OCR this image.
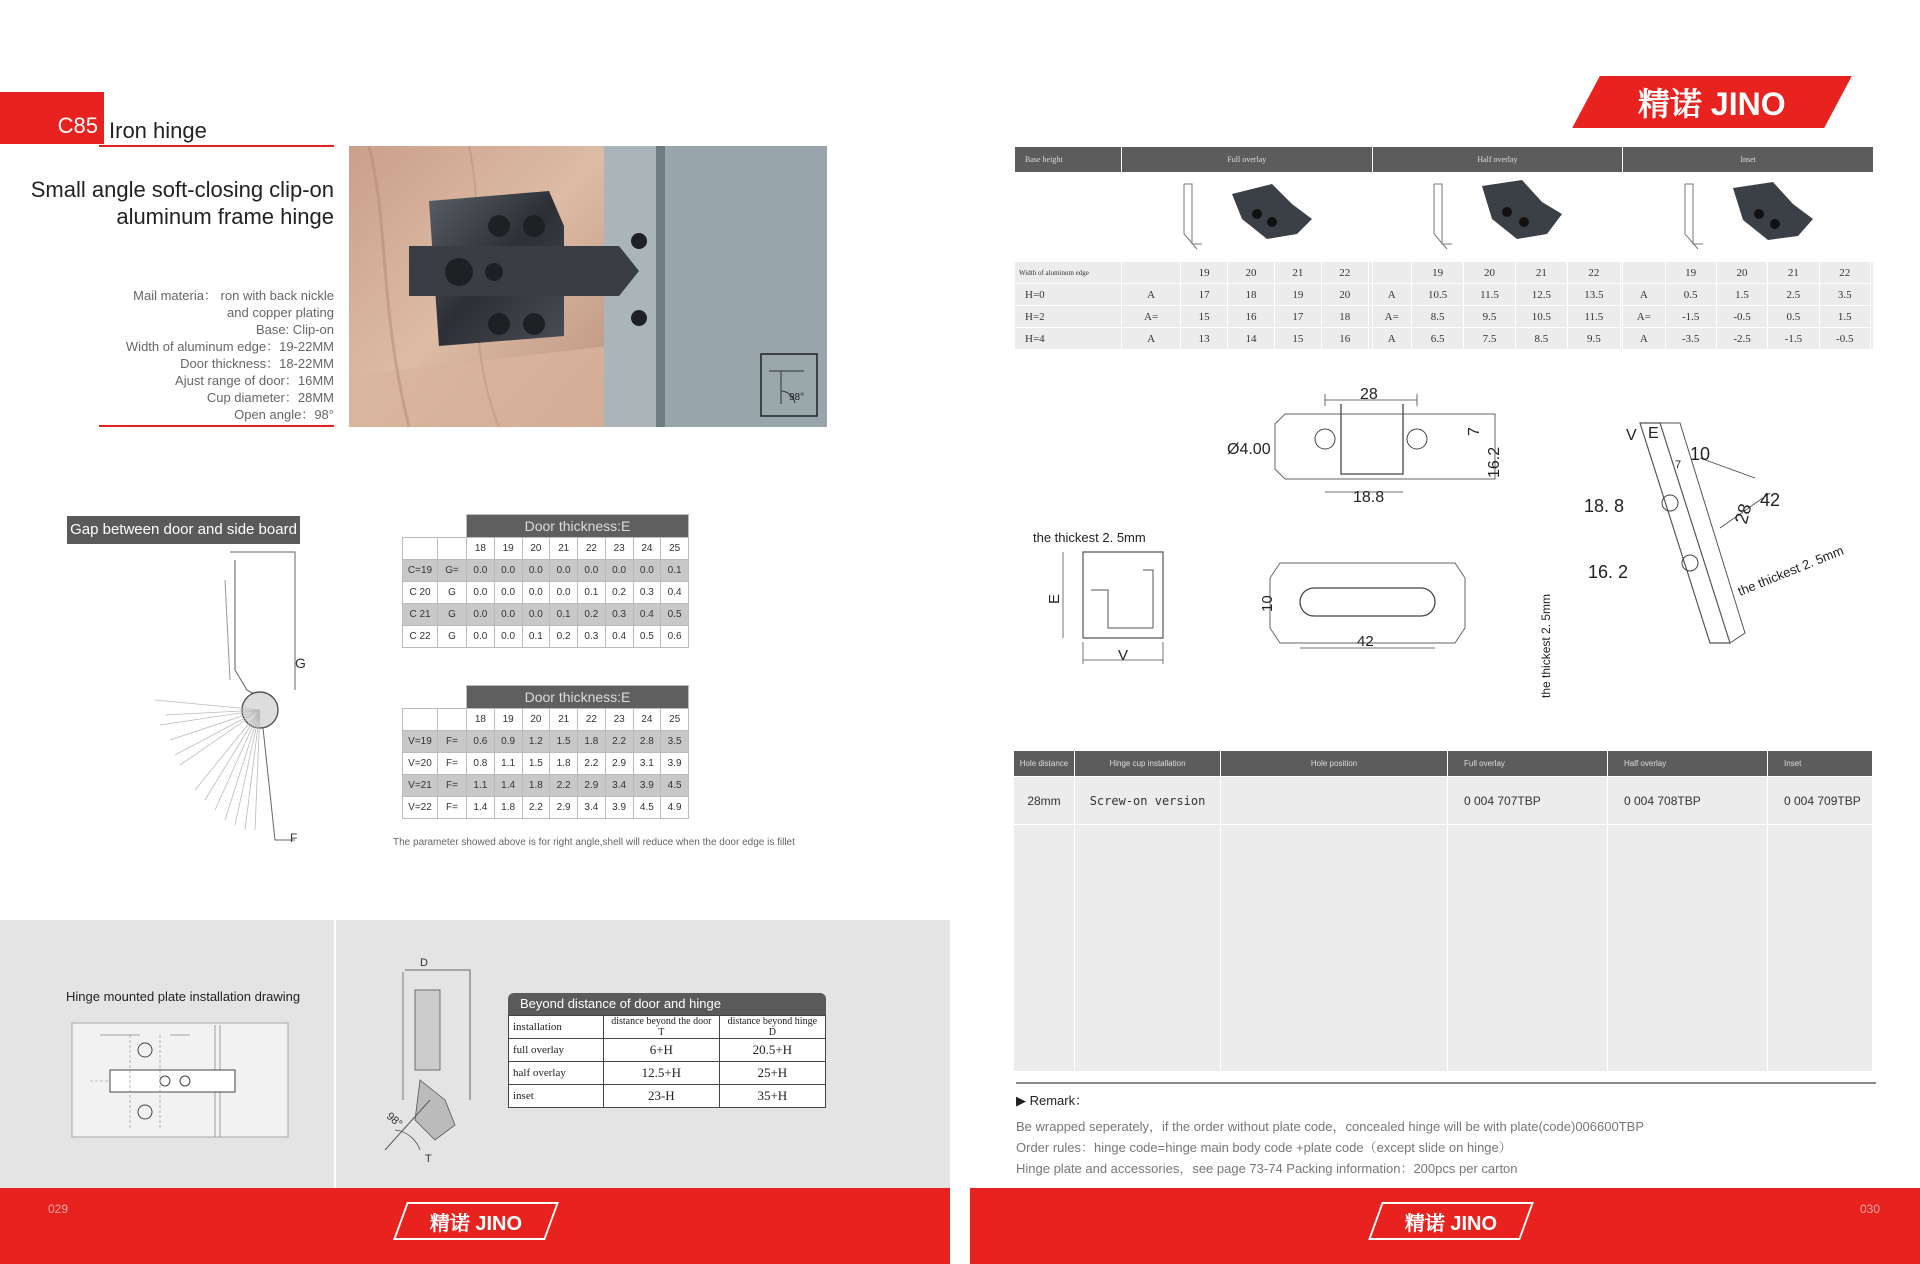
C85 Iron hinge
Small angle soft-closing clip-on
aluminum frame hinge
Mail materia： ron with back nickle
and copper plating
Base: Clip-on
Width of aluminum edge：19-22MM
Door thickness：18-22MM
Ajust range of door：16MM
Cup diameter：28MM
Open angle：98°
98°
Gap between door and side board
G
F
		Door thickness:E							
		18	19	20	21	22	23	24	25
C=19	G=	0.0	0.0	0.0	0.0	0.0	0.0	0.0	0.1
C 20	G	0.0	0.0	0.0	0.0	0.1	0.2	0.3	0.4
C 21	G	0.0	0.0	0.0	0.1	0.2	0.3	0.4	0.5
C 22	G	0.0	0.0	0.1	0.2	0.3	0.4	0.5	0.6
		Door thickness:E							
		18	19	20	21	22	23	24	25
V=19	F=	0.6	0.9	1.2	1.5	1.8	2.2	2.8	3.5
V=20	F=	0.8	1.1	1.5	1.8	2.2	2.9	3.1	3.9
V=21	F=	1.1	1.4	1.8	2.2	2.9	3.4	3.9	4.5
V=22	F=	1.4	1.8	2.2	2.9	3.4	3.9	4.5	4.9
The parameter showed above is for right angle,shell will reduce when the door edge is fillet
Hinge mounted plate installation drawing
D
98°
T
Beyond distance of door and hinge
installation	distance beyond the door T	distance beyond hinge D
full overlay	6+H	20.5+H
half overlay	12.5+H	25+H
inset	23-H	35+H
029
精诺 JINO
精诺 JINO
Base height	Full overlay						Half overlay						Inset					

Width of aluminum edge		19	20	21	22			19	20	21	22			19	20	21	22	
H=0	A	17	18	19	20		A	10.5	11.5	12.5	13.5		A	0.5	1.5	2.5	3.5	
H=2	A=	15	16	17	18		A=	8.5	9.5	10.5	11.5		A=	-1.5	-0.5	0.5	1.5	
H=4	A	13	14	15	16		A	6.5	7.5	8.5	9.5		A	-3.5	-2.5	-1.5	-0.5	
28
Ø4.00
18.8
7
16.2
the thickest 2. 5mm
E
V
10
42	the thickest 2. 5mm
V E
7
10
18. 8	28
42
16. 2	the thickest 2. 5mm
Hole distance	Hinge cup installation	Hole position	Full overlay	Half overlay	Inset
28mm	Screw-on version		0 004 707TBP	0 004 708TBP	0 004 709TBP

▶ Remark：
Be wrapped seperately，if the order without plate code，concealed hinge will be with plate(code)006600TBP
Order rules：hinge code=hinge main body code +plate code（except slide on hinge）
Hinge plate and accessories，see page 73-74 Packing information：200pcs per carton
精诺 JINO
030
